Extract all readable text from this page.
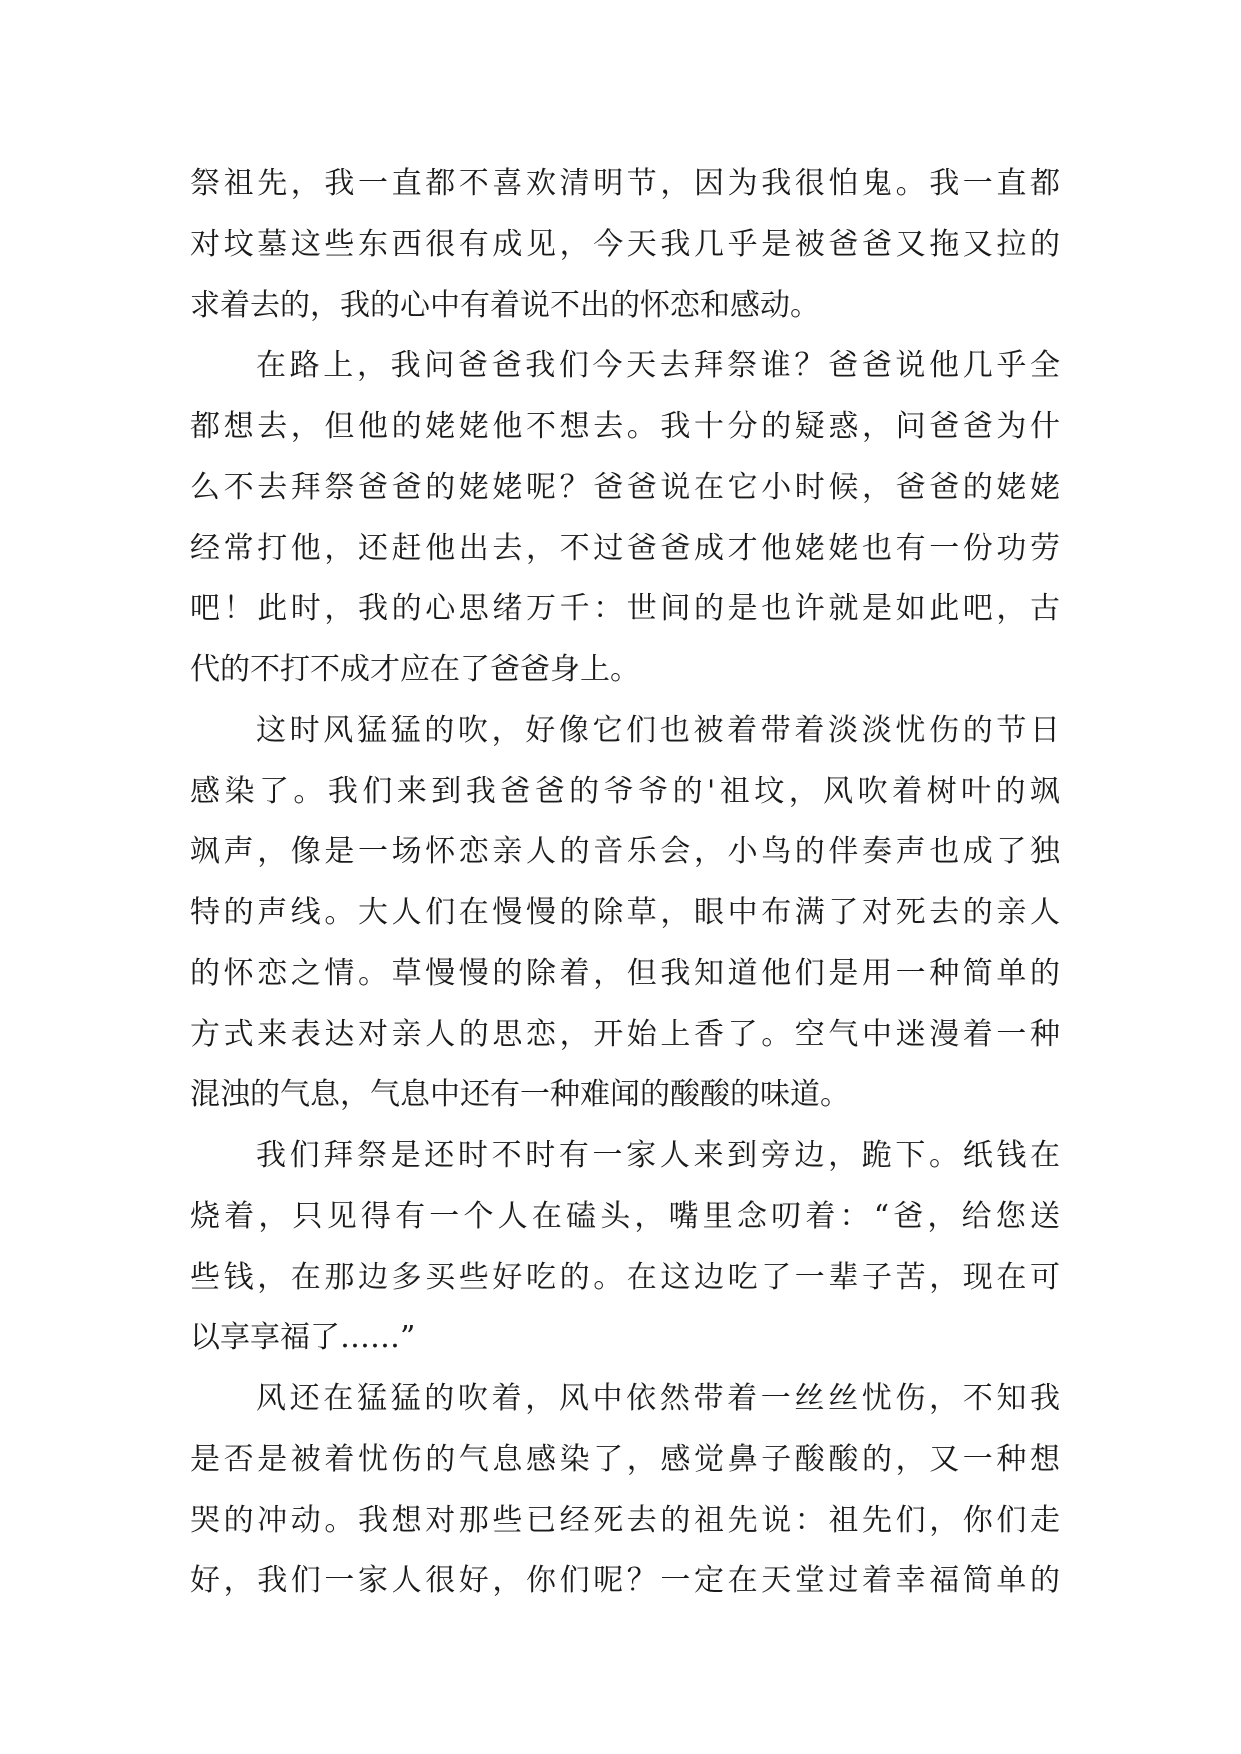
祭祖先，我一直都不喜欢清明节，因为我很怕鬼。我一直都
对坟墓这些东西很有成见，今天我几乎是被爸爸又拖又拉的
求着去的，我的心中有着说不出的怀恋和感动。
在路上，我问爸爸我们今天去拜祭谁？爸爸说他几乎全
都想去，但他的姥姥他不想去。我十分的疑惑，问爸爸为什
么不去拜祭爸爸的姥姥呢？爸爸说在它小时候，爸爸的姥姥
经常打他，还赶他出去，不过爸爸成才他姥姥也有一份功劳
吧！此时，我的心思绪万千：世间的是也许就是如此吧，古
代的不打不成才应在了爸爸身上。
这时风猛猛的吹，好像它们也被着带着淡淡忧伤的节日
感染了。我们来到我爸爸的爷爷的'祖坟，风吹着树叶的飒
飒声，像是一场怀恋亲人的音乐会，小鸟的伴奏声也成了独
特的声线。大人们在慢慢的除草，眼中布满了对死去的亲人
的怀恋之情。草慢慢的除着，但我知道他们是用一种简单的
方式来表达对亲人的思恋，开始上香了。空气中迷漫着一种
混浊的气息，气息中还有一种难闻的酸酸的味道。
我们拜祭是还时不时有一家人来到旁边，跪下。纸钱在
烧着，只见得有一个人在磕头，嘴里念叨着：“爸，给您送
些钱，在那边多买些好吃的。在这边吃了一辈子苦，现在可
以享享福了……”
风还在猛猛的吹着，风中依然带着一丝丝忧伤，不知我
是否是被着忧伤的气息感染了，感觉鼻子酸酸的，又一种想
哭的冲动。我想对那些已经死去的祖先说：祖先们，你们走
好，我们一家人很好，你们呢？一定在天堂过着幸福简单的
